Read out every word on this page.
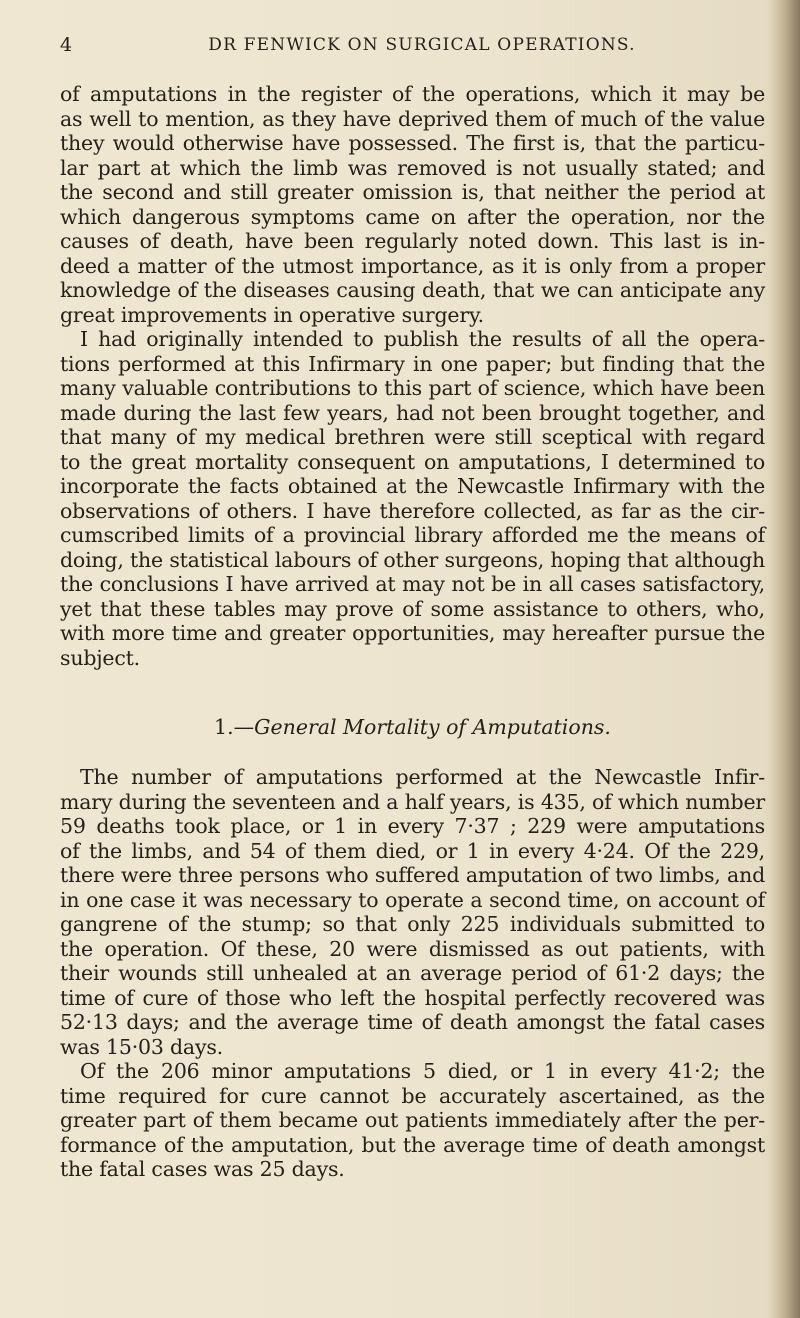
4	DR FENWICK ON SURGICAL OPERATIONS.
of amputations in the register of the operations, which it may be
as well to mention, as they have deprived them of much of the value
they would otherwise have possessed. The first is, that the particu-
lar part at which the limb was removed is not usually stated; and
the second and still greater omission is, that neither the period at
which dangerous symptoms came on after the operation, nor the
causes of death, have been regularly noted down. This last is in-
deed a matter of the utmost importance, as it is only from a proper
knowledge of the diseases causing death, that we can anticipate any
great improvements in operative surgery.
I had originally intended to publish the results of all the opera-
tions performed at this Infirmary in one paper; but finding that the
many valuable contributions to this part of science, which have been
made during the last few years, had not been brought together, and
that many of my medical brethren were still sceptical with regard
to the great mortality consequent on amputations, I determined to
incorporate the facts obtained at the Newcastle Infirmary with the
observations of others. I have therefore collected, as far as the cir-
cumscribed limits of a provincial library afforded me the means of
doing, the statistical labours of other surgeons, hoping that although
the conclusions I have arrived at may not be in all cases satisfactory,
yet that these tables may prove of some assistance to others, who,
with more time and greater opportunities, may hereafter pursue the
subject.
1.—General Mortality of Amputations.
The number of amputations performed at the Newcastle Infir-
mary during the seventeen and a half years, is 435, of which number
59 deaths took place, or 1 in every 7·37 ; 229 were amputations
of the limbs, and 54 of them died, or 1 in every 4·24. Of the 229,
there were three persons who suffered amputation of two limbs, and
in one case it was necessary to operate a second time, on account of
gangrene of the stump; so that only 225 individuals submitted to
the operation. Of these, 20 were dismissed as out patients, with
their wounds still unhealed at an average period of 61·2 days; the
time of cure of those who left the hospital perfectly recovered was
52·13 days; and the average time of death amongst the fatal cases
was 15·03 days.
Of the 206 minor amputations 5 died, or 1 in every 41·2; the
time required for cure cannot be accurately ascertained, as the
greater part of them became out patients immediately after the per-
formance of the amputation, but the average time of death amongst
the fatal cases was 25 days.
